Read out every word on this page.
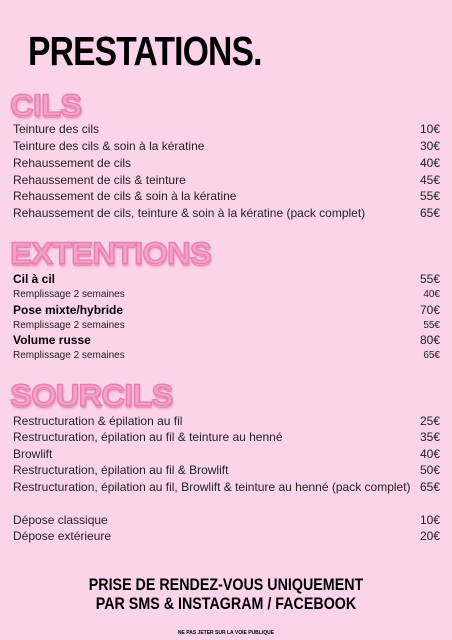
PRESTATIONS.
CILS
Teinture des cils	10€
Teinture des cils & soin à la kératine	30€
Rehaussement de cils	40€
Rehaussement de cils & teinture	45€
Rehaussement de cils & soin à la kératine	55€
Rehaussement de cils, teinture & soin à la kératine (pack complet)	65€
EXTENTIONS
Cil à cil	55€
Remplissage 2 semaines	40€
Pose mixte/hybride	70€
Remplissage 2 semaines	55€
Volume russe	80€
Remplissage 2 semaines	65€
SOURCILS
Restructuration & épilation au fil	25€
Restructuration, épilation au fil & teinture au henné	35€
Browlift	40€
Restructuration, épilation au fil & Browlift	50€
Restructuration, épilation au fil, Browlift & teinture au henné (pack complet) 65€
Dépose classique	10€
Dépose extérieure	20€
PRISE DE RENDEZ-VOUS UNIQUEMENT
PAR SMS & INSTAGRAM / FACEBOOK
NE PAS JETER SUR LA VOIE PUBLIQUE
